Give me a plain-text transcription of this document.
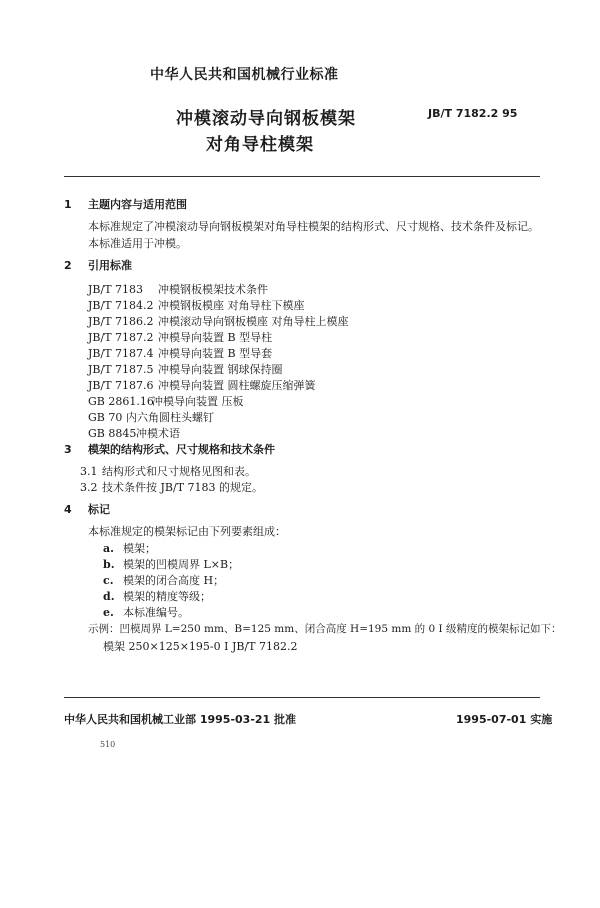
中华人民共和国机械行业标准
冲模滚动导向钢板模架
对角导柱模架
JB/T 7182.2 95
1 主题内容与适用范围
本标准规定了冲模滚动导向钢板模架对角导柱模架的结构形式、尺寸规格、技术条件及标记。
本标准适用于冲模。
2 引用标准
JB/T 7183 冲模钢板模架技术条件
JB/T 7184.2 冲模钢板模座 对角导柱下模座
JB/T 7186.2 冲模滚动导向钢板模座 对角导柱上模座
JB/T 7187.2 冲模导向装置 B 型导柱
JB/T 7187.4 冲模导向装置 B 型导套
JB/T 7187.5 冲模导向装置 钢球保持圈
JB/T 7187.6 冲模导向装置 圆柱螺旋压缩弹簧
GB 2861.16冲模导向装置 压板
GB 70 内六角圆柱头螺钉
GB 8845冲模术语
3 模架的结构形式、尺寸规格和技术条件
3.1 结构形式和尺寸规格见图和表。
3.2 技术条件按 JB/T 7183 的规定。
4 标记
本标准规定的模架标记由下列要素组成：
a. 模架；
b. 模架的凹模周界 L×B；
c. 模架的闭合高度 H；
d. 模架的精度等级；
e. 本标准编号。
示例：凹模周界 L=250 mm、B=125 mm、闭合高度 H=195 mm 的 0 I 级精度的模架标记如下：
模架 250×125×195-0 I JB/T 7182.2
中华人民共和国机械工业部 1995-03-21 批准	1995-07-01 实施
510
